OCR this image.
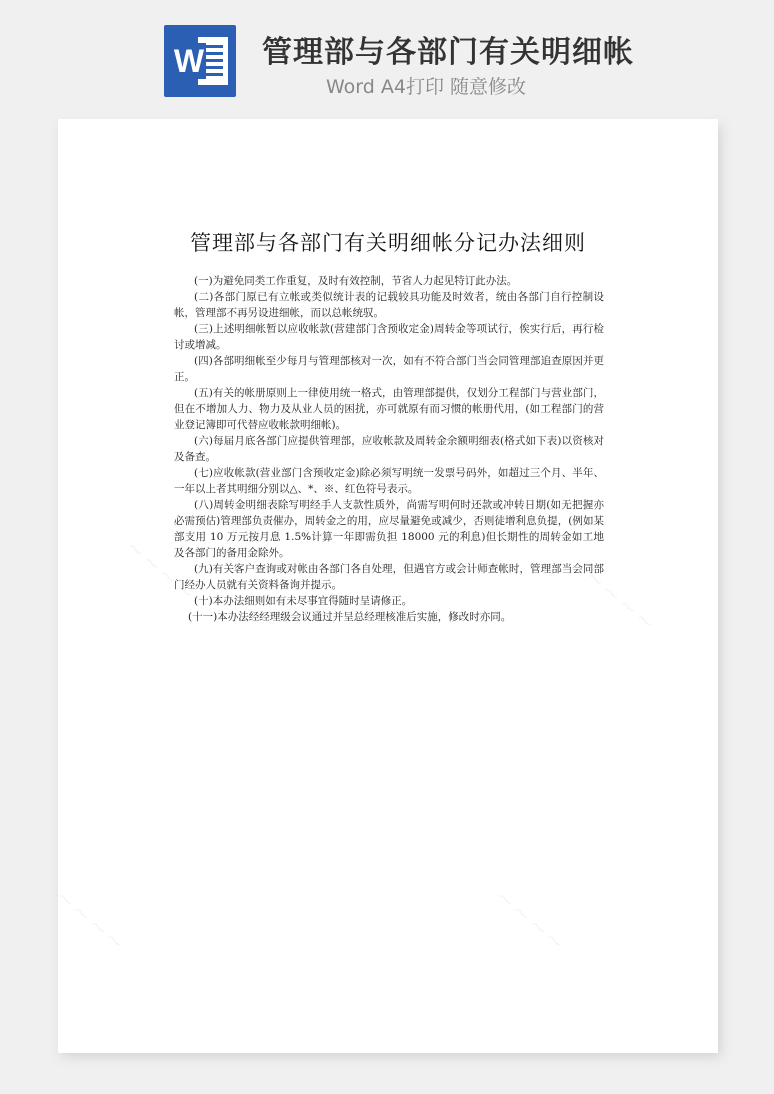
W 管理部与各部门有关明细帐
Word A4打印 随意修改
管理部与各部门有关明细帐分记办法细则

(一)为避免同类工作重复，及时有效控制，节省人力起见特订此办法。

(二)各部门原已有立帐或类似统计表的记载较具功能及时效者，统由各部门自行控制设帐，管理部不再另设进细帐，而以总帐统驭。

(三)上述明细帐暂以应收帐款(营建部门含预收定金)周转金等项试行，俟实行后，再行检讨或增减。

(四)各部明细帐至少每月与管理部核对一次，如有不符合部门当会同管理部追查原因并更正。

(五)有关的帐册原则上一律使用统一格式，由管理部提供，仅划分工程部门与营业部门，但在不增加人力、物力及从业人员的困扰，亦可就原有而习惯的帐册代用，(如工程部门的营业登记簿即可代替应收帐款明细帐)。

(六)每届月底各部门应提供管理部，应收帐款及周转金余额明细表(格式如下表)以资核对及备查。

(七)应收帐款(营业部门含预收定金)除必须写明统一发票号码外，如超过三个月、半年、一年以上者其明细分别以△、*、※、红色符号表示。

(八)周转金明细表除写明经手人支款性质外，尚需写明何时还款或冲转日期(如无把握亦必需预估)管理部负责催办，周转金之的用，应尽量避免或减少，否则徒增利息负提，(例如某部支用 10 万元按月息 1.5%计算一年即需负担 18000 元的利息)但长期性的周转金如工地及各部门的备用金除外。

(九)有关客户查询或对帐由各部门各自处理，但遇官方或会计师查帐时，管理部当会同部门经办人员就有关资料备询并提示。

(十)本办法细则如有未尽事宜得随时呈请修正。

(十一)本办法经经理级会议通过并呈总经理核准后实施，修改时亦同。
